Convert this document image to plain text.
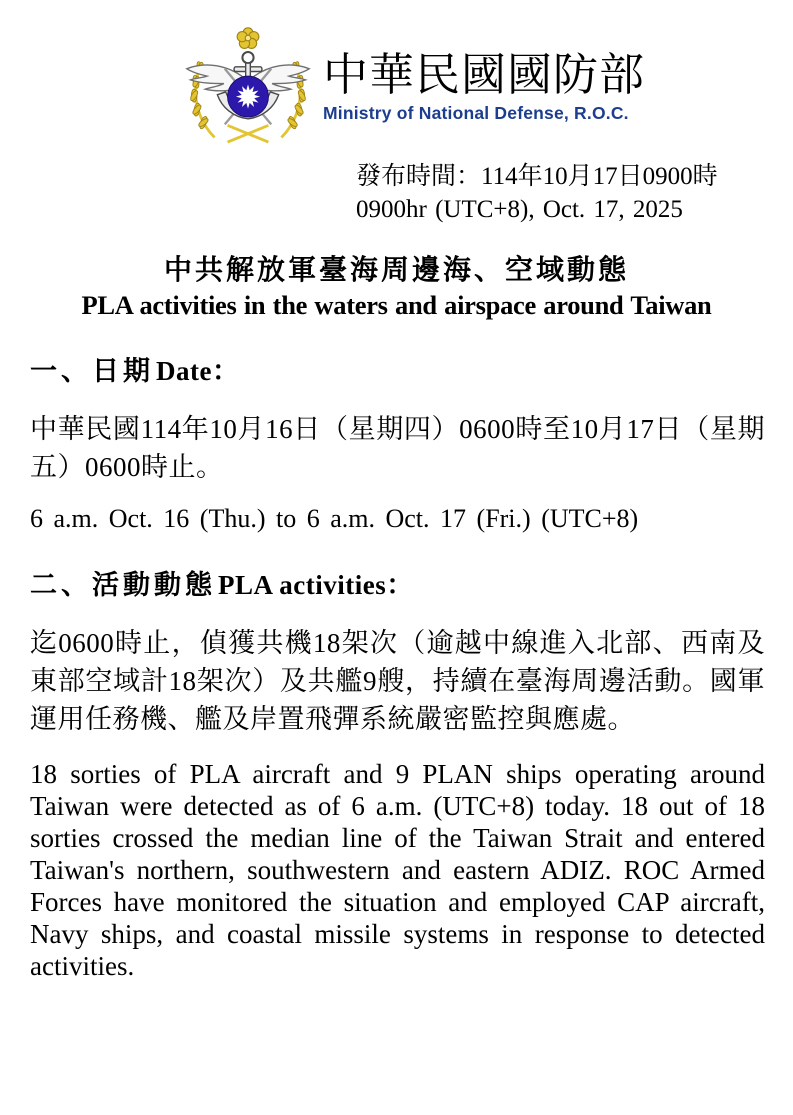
中華民國國防部
Ministry of National Defense, R.O.C.
發布時間：114年10月17日0900時
0900hr (UTC+8), Oct. 17, 2025
中共解放軍臺海周邊海、空域動態
PLA activities in the waters and airspace around Taiwan
一、日期Date：

中華民國114年10月16日（星期四）0600時至10月17日（星期五）0600時止。

6 a.m. Oct. 16 (Thu.) to 6 a.m. Oct. 17 (Fri.) (UTC+8)

二、活動動態PLA activities：

迄0600時止，偵獲共機18架次（逾越中線進入北部、西南及東部空域計18架次）及共艦9艘，持續在臺海周邊活動。國軍運用任務機、艦及岸置飛彈系統嚴密監控與應處。

18 sorties of PLA aircraft and 9 PLAN ships operating around Taiwan were detected as of 6 a.m. (UTC+8) today. 18 out of 18 sorties crossed the median line of the Taiwan Strait and entered Taiwan's northern, southwestern and eastern ADIZ. ROC Armed Forces have monitored the situation and employed CAP aircraft, Navy ships, and coastal missile systems in response to detected activities.
